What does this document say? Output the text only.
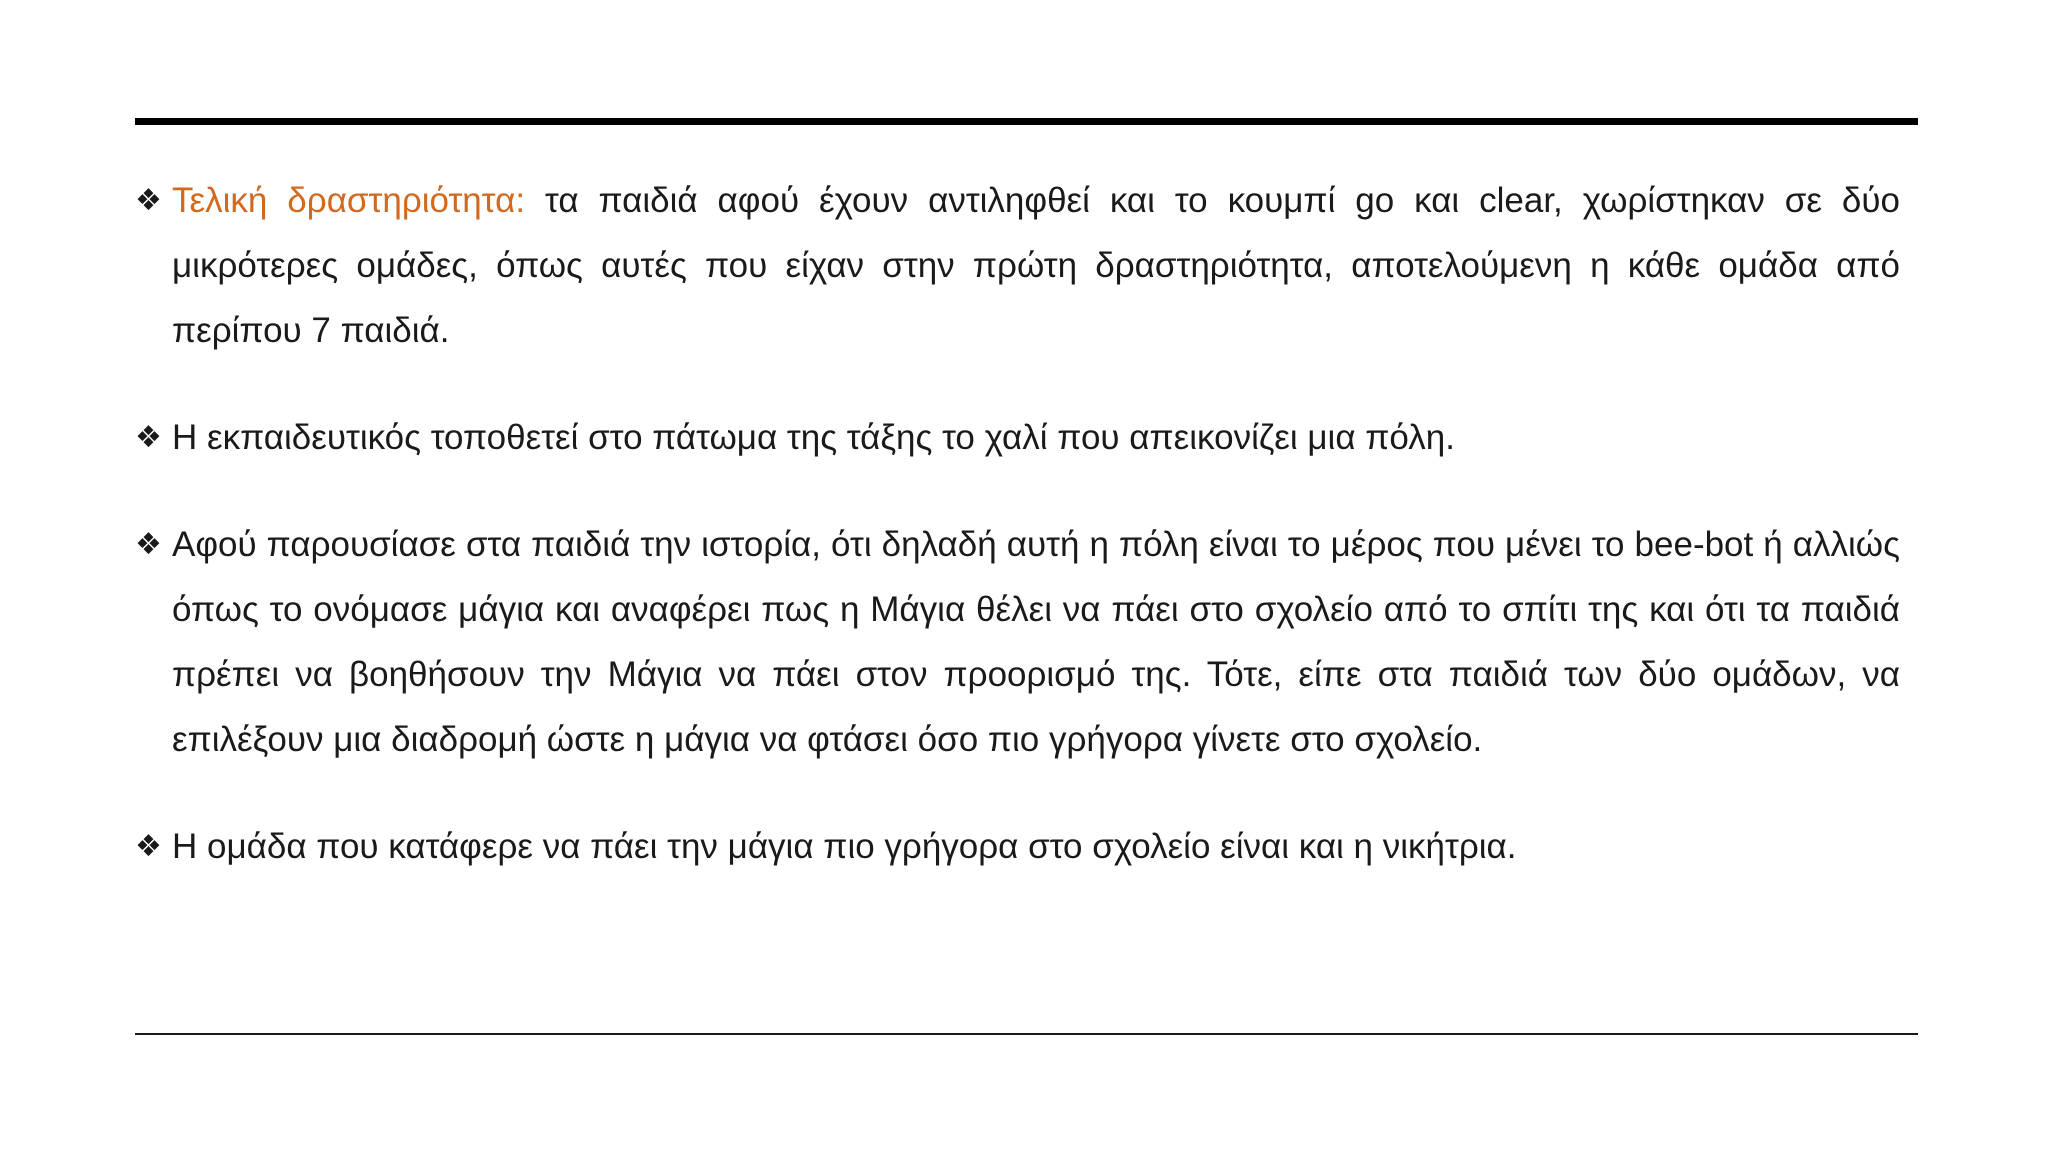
❖ Τελική δραστηριότητα: τα παιδιά αφού έχουν αντιληφθεί και το κουμπί go και clear, χωρίστηκαν σε δύο μικρότερες ομάδες, όπως αυτές που είχαν στην πρώτη δραστηριότητα, αποτελούμενη η κάθε ομάδα από περίπου 7 παιδιά.
❖ Η εκπαιδευτικός τοποθετεί στο πάτωμα της τάξης το χαλί που απεικονίζει μια πόλη.
❖ Αφού παρουσίασε στα παιδιά την ιστορία, ότι δηλαδή αυτή η πόλη είναι το μέρος που μένει το bee-bot ή αλλιώς όπως το ονόμασε μάγια και αναφέρει πως η Μάγια θέλει να πάει στο σχολείο από το σπίτι της και ότι τα παιδιά πρέπει να βοηθήσουν την Μάγια να πάει στον προορισμό της. Τότε, είπε στα παιδιά των δύο ομάδων, να επιλέξουν μια διαδρομή ώστε η μάγια να φτάσει όσο πιο γρήγορα γίνετε στο σχολείο.
❖ Η ομάδα που κατάφερε να πάει την μάγια πιο γρήγορα στο σχολείο είναι και η νικήτρια.
